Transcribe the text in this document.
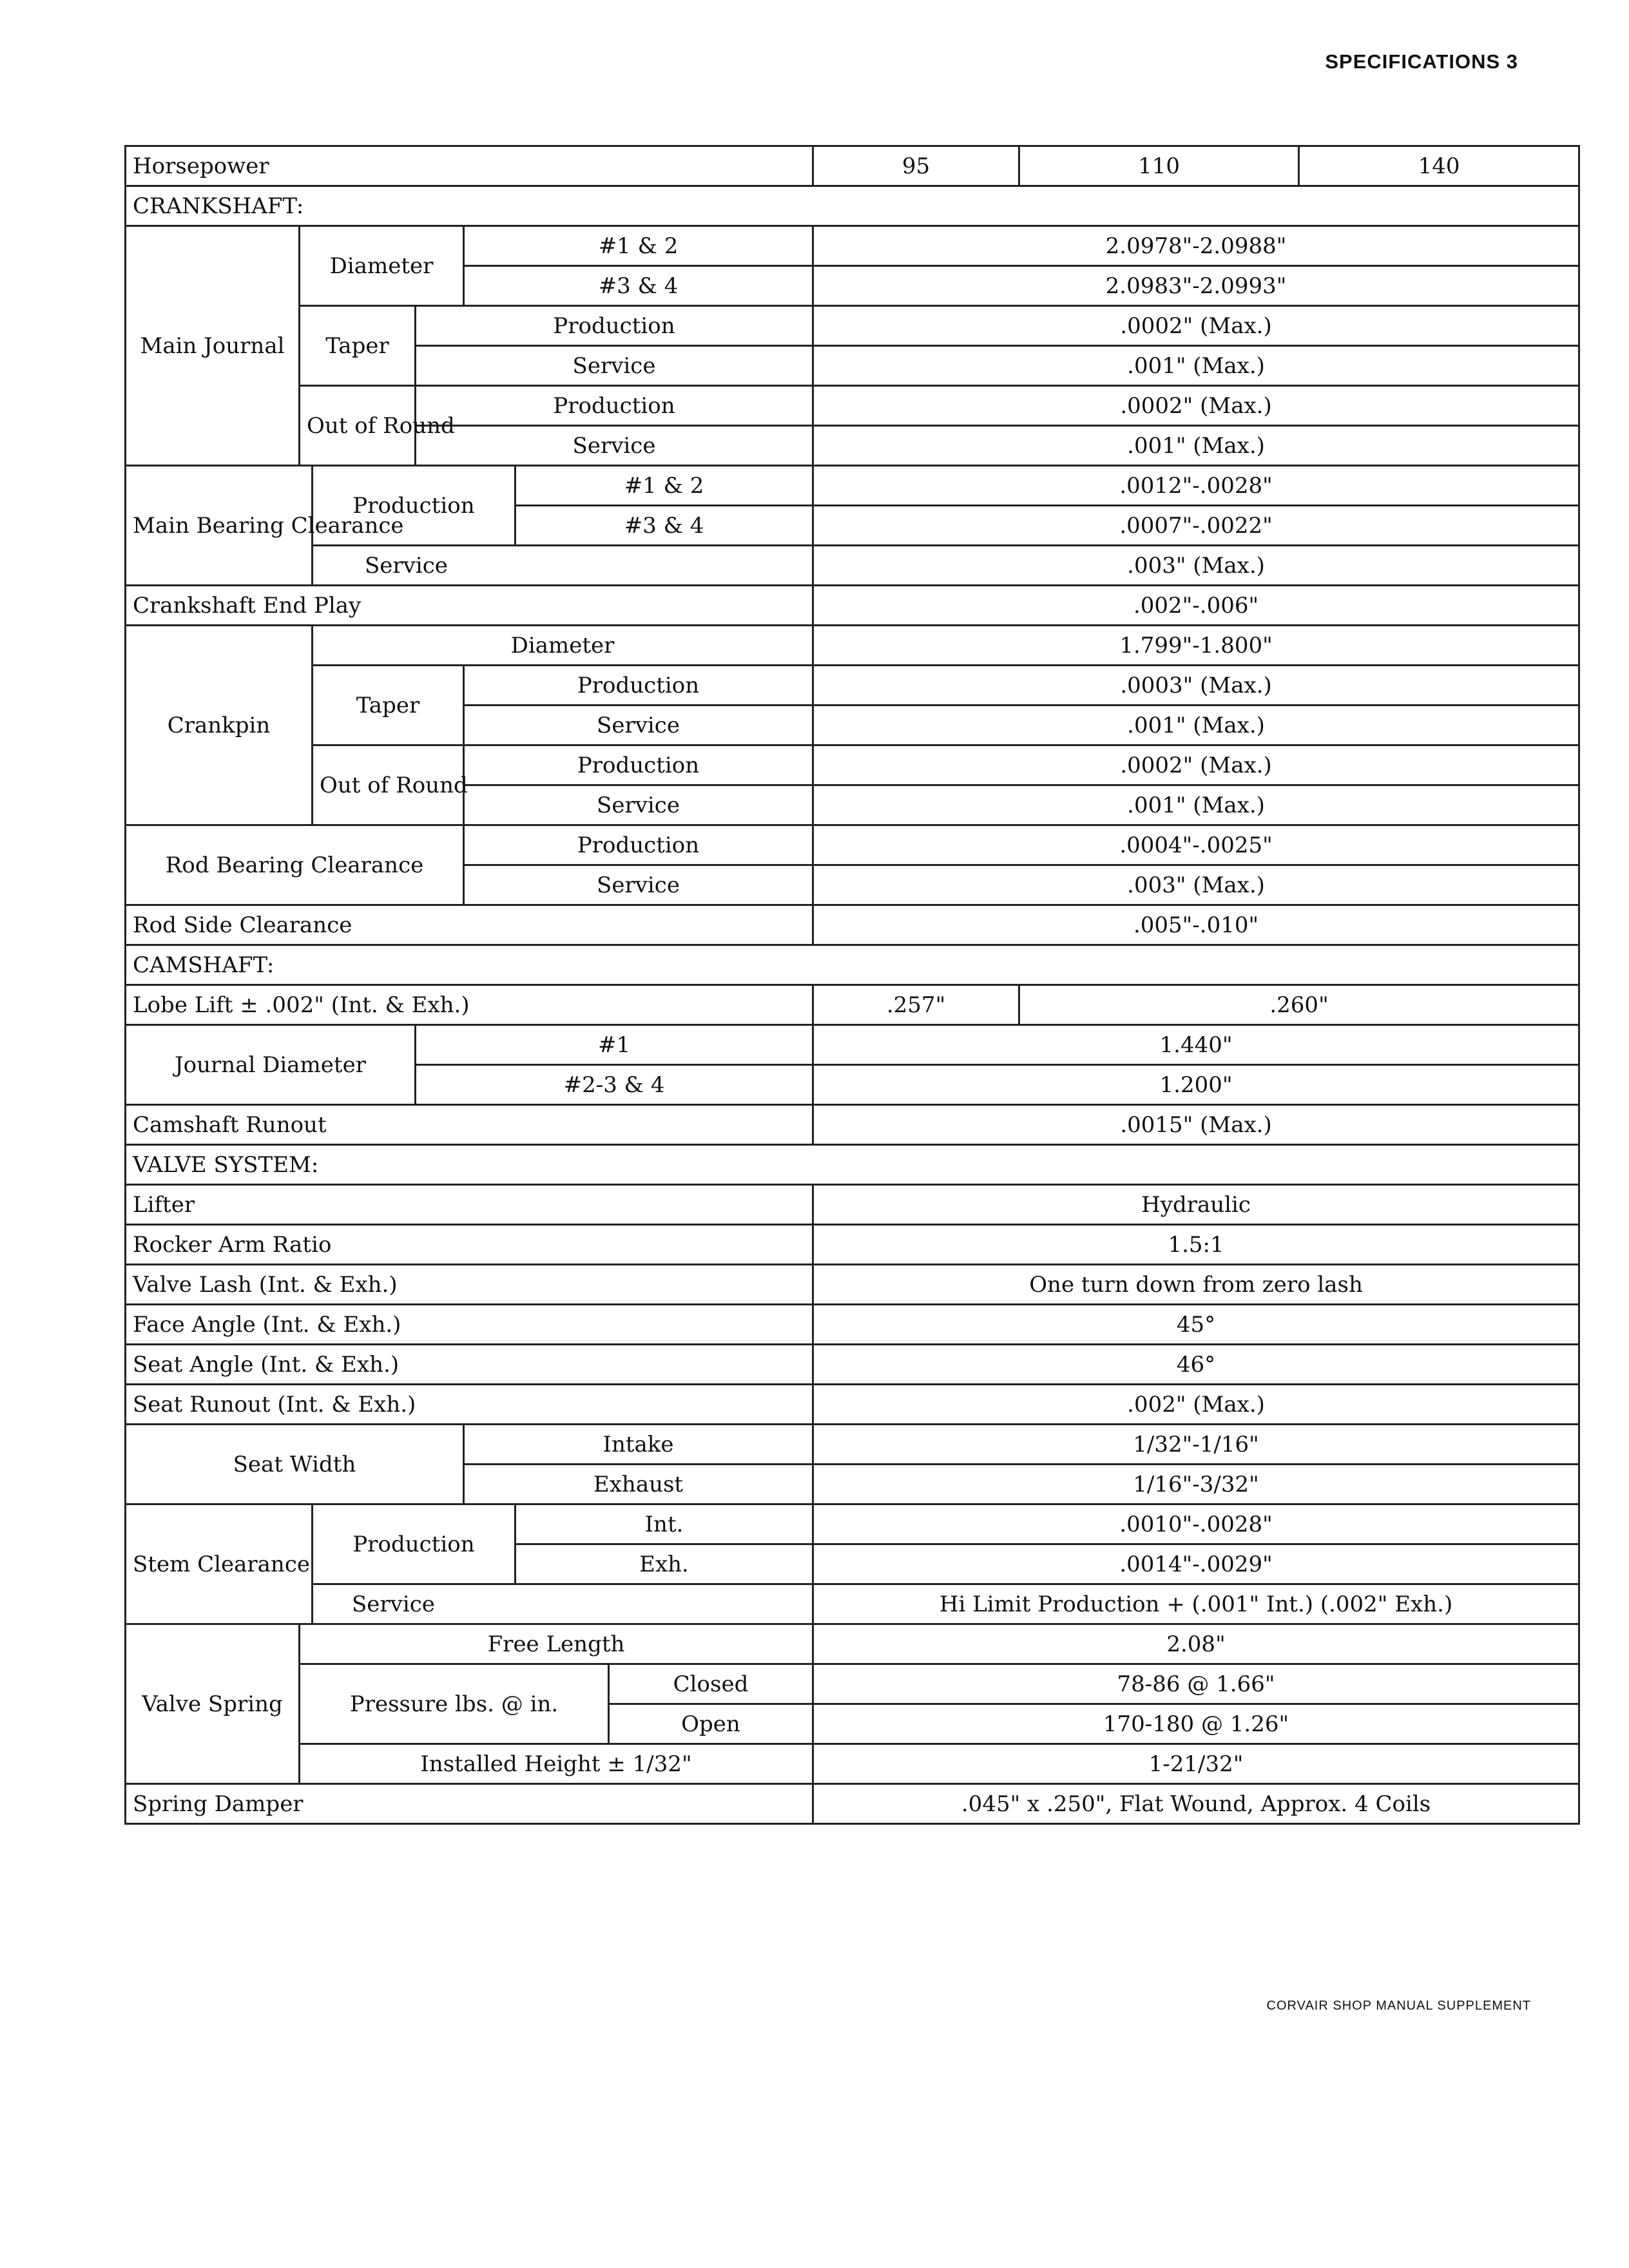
SPECIFICATIONS 3
Horsepower							95	110	140
CRANKSHAFT:									
Main Journal	Diameter			#1 & 2			2.0978"-2.0988"		
				#3 & 4			2.0983"-2.0993"		
	Taper		Production				.0002" (Max.)		
			Service				.001" (Max.)		
	Out of Round		Production				.0002" (Max.)		
			Service				.001" (Max.)		
Main Bearing Clearance		Production			#1 & 2		.0012"-.0028"		
					#3 & 4		.0007"-.0022"		
		Service					.003" (Max.)		
Crankshaft End Play							.002"-.006"		
Crankpin		Diameter					1.799"-1.800"		
		Taper		Production			.0003" (Max.)		
				Service			.001" (Max.)		
		Out of Round		Production			.0002" (Max.)		
				Service			.001" (Max.)		
Rod Bearing Clearance				Production			.0004"-.0025"		
				Service			.003" (Max.)		
Rod Side Clearance							.005"-.010"		
CAMSHAFT:									
Lobe Lift ± .002" (Int. & Exh.)							.257"	.260"	
Journal Diameter			#1				1.440"		
			#2-3 & 4				1.200"		
Camshaft Runout							.0015" (Max.)		
VALVE SYSTEM:									
Lifter							Hydraulic		
Rocker Arm Ratio							1.5:1		
Valve Lash (Int. & Exh.)							One turn down from zero lash		
Face Angle (Int. & Exh.)							45°		
Seat Angle (Int. & Exh.)							46°		
Seat Runout (Int. & Exh.)							.002" (Max.)		
Seat Width				Intake			1/32"-1/16"		
				Exhaust			1/16"-3/32"		
Stem Clearance		Production			Int.		.0010"-.0028"		
					Exh.		.0014"-.0029"		
		Service					Hi Limit Production + (.001" Int.) (.002" Exh.)		
Valve Spring	Free Length						2.08"		
	Pressure lbs. @ in.					Closed	78-86 @ 1.66"		
						Open	170-180 @ 1.26"		
	Installed Height ± 1/32"						1-21/32"		
Spring Damper							.045" x .250", Flat Wound, Approx. 4 Coils		
CORVAIR SHOP MANUAL SUPPLEMENT
